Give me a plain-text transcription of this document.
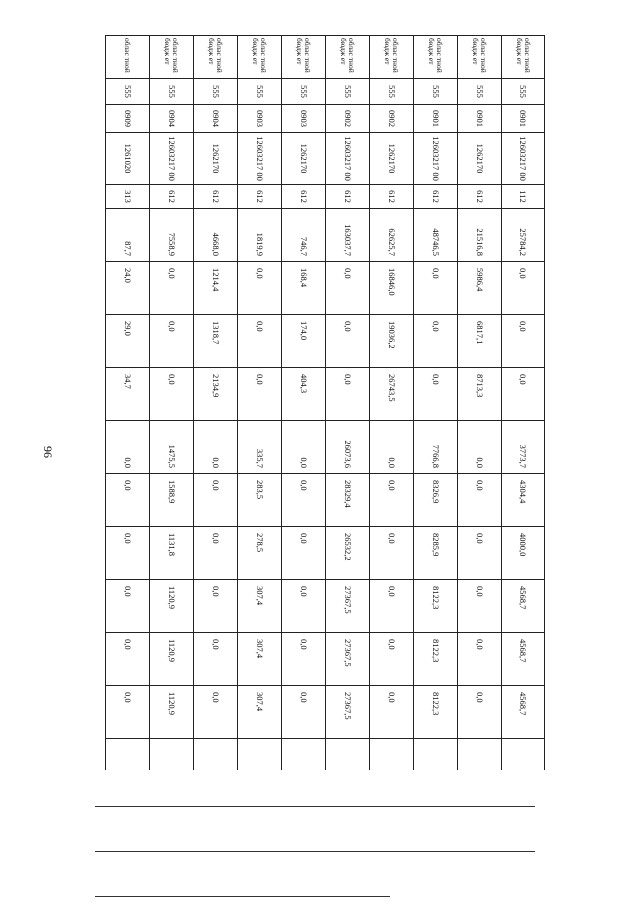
96
облас тной бюдж ет
555
0901
12603217 00
112
25784,2
0,0
0,0
0,0
3773,7
4304,4
4000,0
4568,7
4568,7
4568,7
облас тной бюдж ет
555
0901
1262170
612
21516,8
5986,4
6817,1
8713,3
0,0
0,0
0,0
0,0
0,0
0,0
облас тной бюдж ет
555
0901
12603217 00
612
48746,5
0,0
0,0
0,0
7766,8
8326,9
8285,9
8122,3
8122,3
8122,3
облас тной бюдж ет
555
0902
1262170
612
62625,7
16846,0
19036,2
26743,5
0,0
0,0
0,0
0,0
0,0
0,0
облас тной бюдж ет
555
0902
12603217 00
612
163037,7
0,0
0,0
0,0
26073,6
28329,4
26532,2
27367,5
27367,5
27367,5
облас тной бюдж ет
555
0903
1262170
612
746,7
168,4
174,0
404,3
0,0
0,0
0,0
0,0
0,0
0,0
облас тной бюдж ет
555
0903
12603217 00
612
1819,9
0,0
0,0
0,0
335,7
283,5
278,5
307,4
307,4
307,4
облас тной бюдж ет
555
0904
1262170
612
4668,0
1214,4
1318,7
2134,9
0,0
0,0
0,0
0,0
0,0
0,0
облас тной бюдж ет
555
0904
12603217 00
612
7558,9
0,0
0,0
0,0
1475,5
1588,9
1131,8
1120,9
1120,9
1120,9
облас тной
555
0909
1261020
313
87,7
24,0
29,0
34,7
0,0
0,0
0,0
0,0
0,0
0,0
